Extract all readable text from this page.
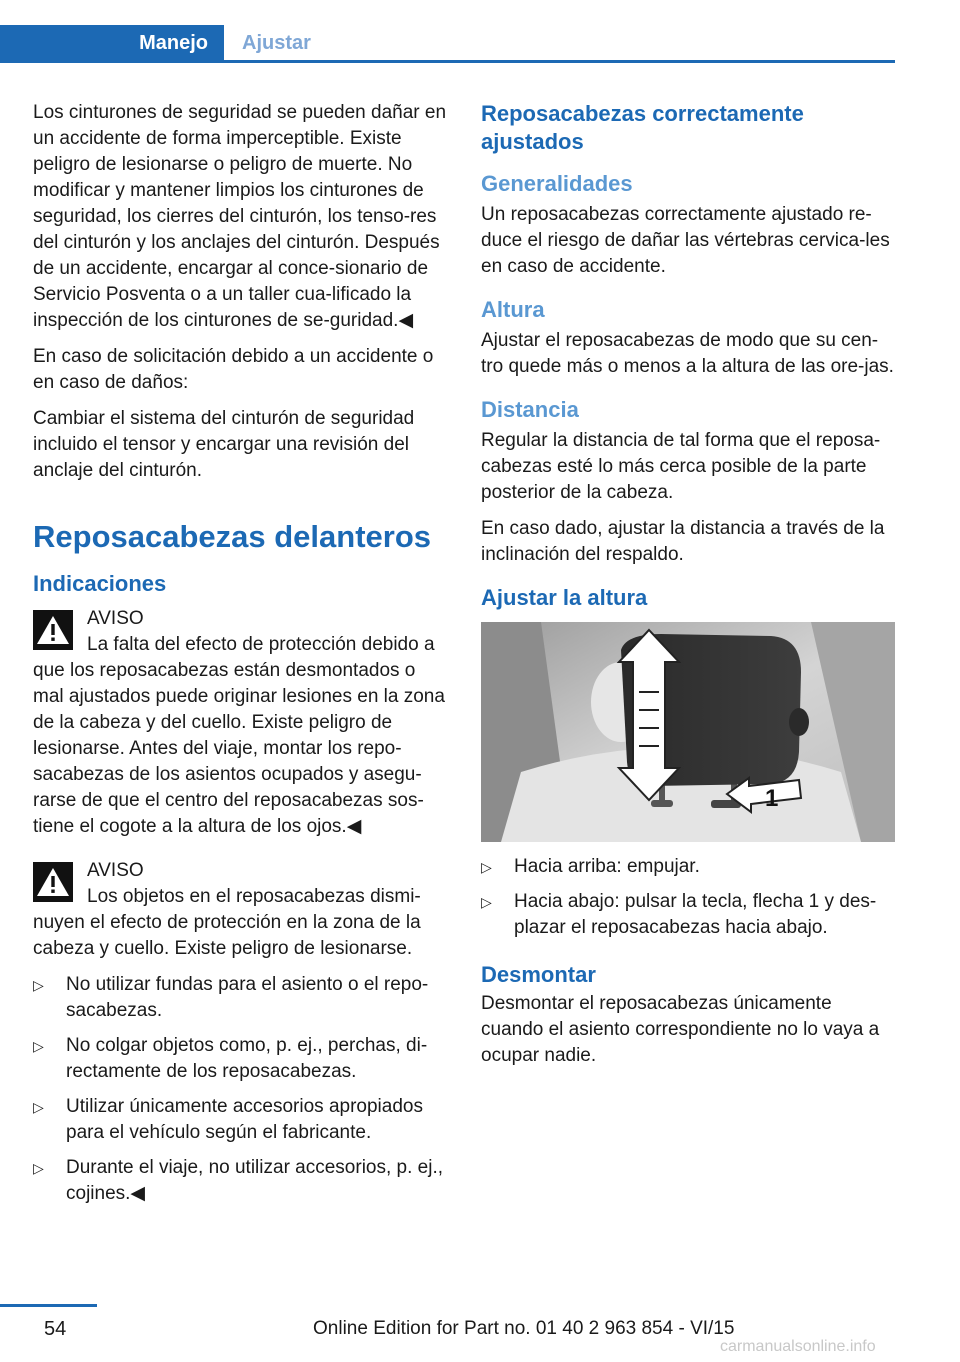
Manejo	Ajustar

Los cinturones de seguridad se pueden dañar en un accidente de forma imperceptible. Existe peligro de lesionarse o peligro de muerte. No modificar y mantener limpios los cinturones de seguridad, los cierres del cinturón, los tenso‐res del cinturón y los anclajes del cinturón. Después de un accidente, encargar al conce‐sionario de Servicio Posventa o a un taller cua‐lificado la inspección de los cinturones de se‐guridad.◀

En caso de solicitación debido a un accidente o en caso de daños:

Cambiar el sistema del cinturón de seguridad incluido el tensor y encargar una revisión del anclaje del cinturón.

Reposacabezas delanteros
Indicaciones
AVISO
La falta del efecto de protección debido a que los reposacabezas están desmontados o mal ajustados puede originar lesiones en la zona de la cabeza y del cuello. Existe peligro de lesionarse. Antes del viaje, montar los repo‐sacabezas de los asientos ocupados y asegu‐rarse de que el centro del reposacabezas sos‐tiene el cogote a la altura de los ojos.◀
AVISO
Los objetos en el reposacabezas dismi‐nuyen el efecto de protección en la zona de la cabeza y cuello. Existe peligro de lesionarse.
▷ No utilizar fundas para el asiento o el repo‐sacabezas.
▷ No colgar objetos como, p. ej., perchas, di‐rectamente de los reposacabezas.
▷ Utilizar únicamente accesorios apropiados para el vehículo según el fabricante.
▷ Durante el viaje, no utilizar accesorios, p. ej., cojines.◀
Reposacabezas correctamente ajustados
Generalidades

Un reposacabezas correctamente ajustado re‐duce el riesgo de dañar las vértebras cervica‐les en caso de accidente.

Altura

Ajustar el reposacabezas de modo que su cen‐tro quede más o menos a la altura de las ore‐jas.

Distancia

Regular la distancia de tal forma que el reposa‐cabezas esté lo más cerca posible de la parte posterior de la cabeza.

En caso dado, ajustar la distancia a través de la inclinación del respaldo.

Ajustar la altura
1
▷ Hacia arriba: empujar.
▷ Hacia abajo: pulsar la tecla, flecha 1 y des‐plazar el reposacabezas hacia abajo.
Desmontar

Desmontar el reposacabezas únicamente cuando el asiento correspondiente no lo vaya a ocupar nadie.

54	Online Edition for Part no. 01 40 2 963 854 - VI/15
carmanualsonline.info
